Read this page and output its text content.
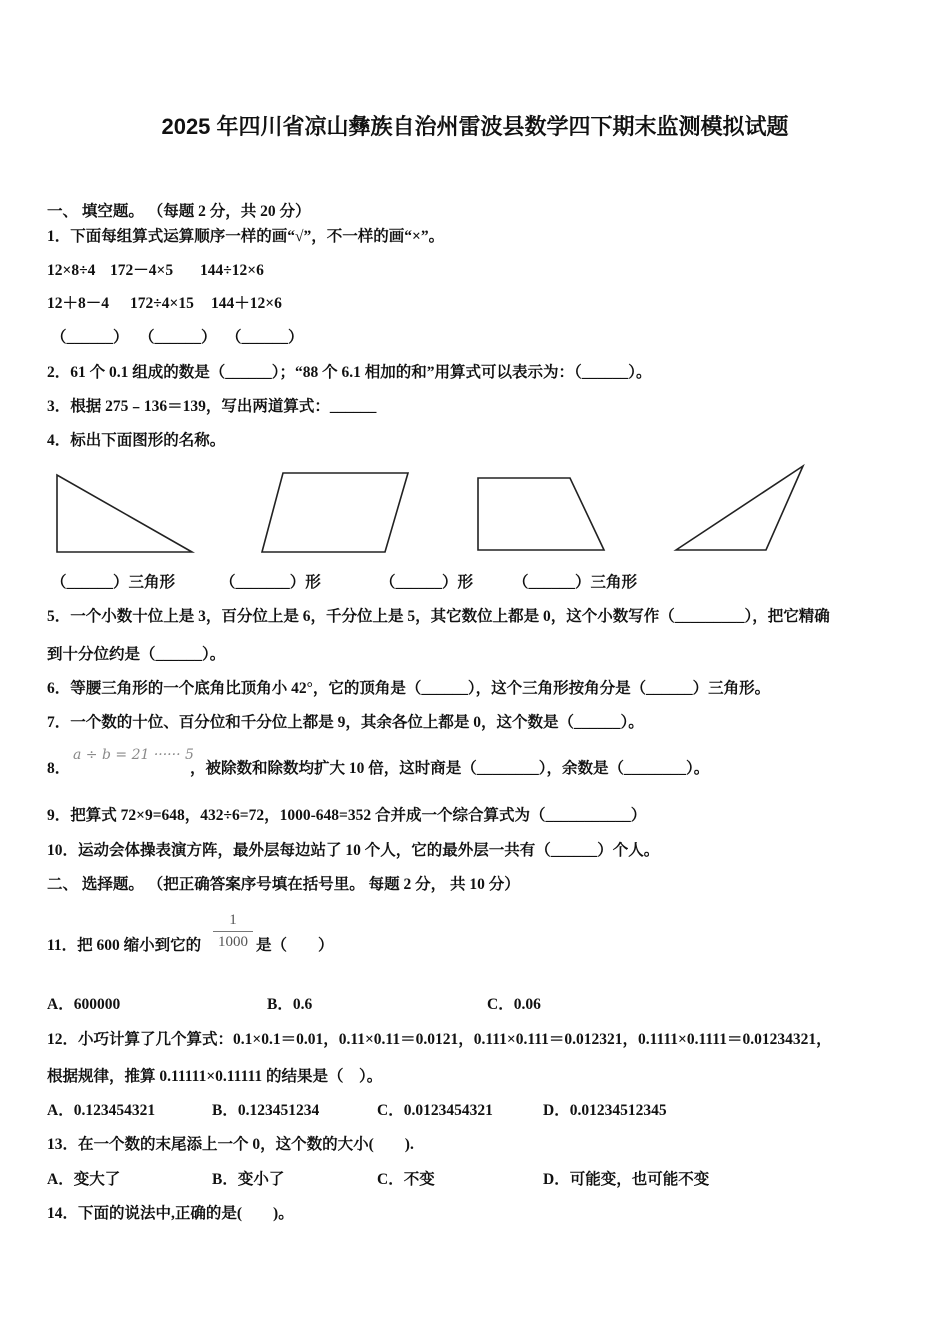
2025 年四川省凉山彝族自治州雷波县数学四下期末监测模拟试题
一、 填空题。 （每题 2 分，共 20 分）
1．下面每组算式运算顺序一样的画“√”，不一样的画“×”。
12×8÷4 172－4×5 144÷12×6
12＋8－4 172÷4×15 144＋12×6
（______） （______） （______）
2．61 个 0.1 组成的数是（______）；“88 个 6.1 相加的和”用算式可以表示为：（______）。
3．根据 275﹣136＝139，写出两道算式：______
4．标出下面图形的名称。
（______）三角形	（_______）形	（______）形	（______）三角形
5．一个小数十位上是 3，百分位上是 6，千分位上是 5，其它数位上都是 0，这个小数写作（_________），把它精确
到十分位约是（______）。
6．等腰三角形的一个底角比顶角小 42°，它的顶角是（______），这个三角形按角分是（______）三角形。
7．一个数的十位、百分位和千分位上都是 9，其余各位上都是 0，这个数是（______）。
8．
a ÷ b = 21 ······ 5
，被除数和除数均扩大 10 倍，这时商是（________），余数是（________）。
9．把算式 72×9=648，432÷6=72，1000-648=352 合并成一个综合算式为（___________）
10．运动会体操表演方阵，最外层每边站了 10 个人，它的最外层一共有（______）个人。
二、 选择题。 （把正确答案序号填在括号里。 每题 2 分， 共 10 分）
11．把 600 缩小到它的
1
1000 是（　　）
A．600000	B．0.6	C．0.06
12．小巧计算了几个算式：0.1×0.1＝0.01，0.11×0.11＝0.0121，0.111×0.111＝0.012321，0.1111×0.1111＝0.01234321，
根据规律，推算 0.11111×0.11111 的结果是（　）。
A．0.123454321	B．0.123451234	C．0.0123454321	D．0.01234512345
13．在一个数的末尾添上一个 0，这个数的大小(　　).
A．变大了	B．变小了	C．不变	D．可能变，也可能不变
14．下面的说法中,正确的是(　　)。
